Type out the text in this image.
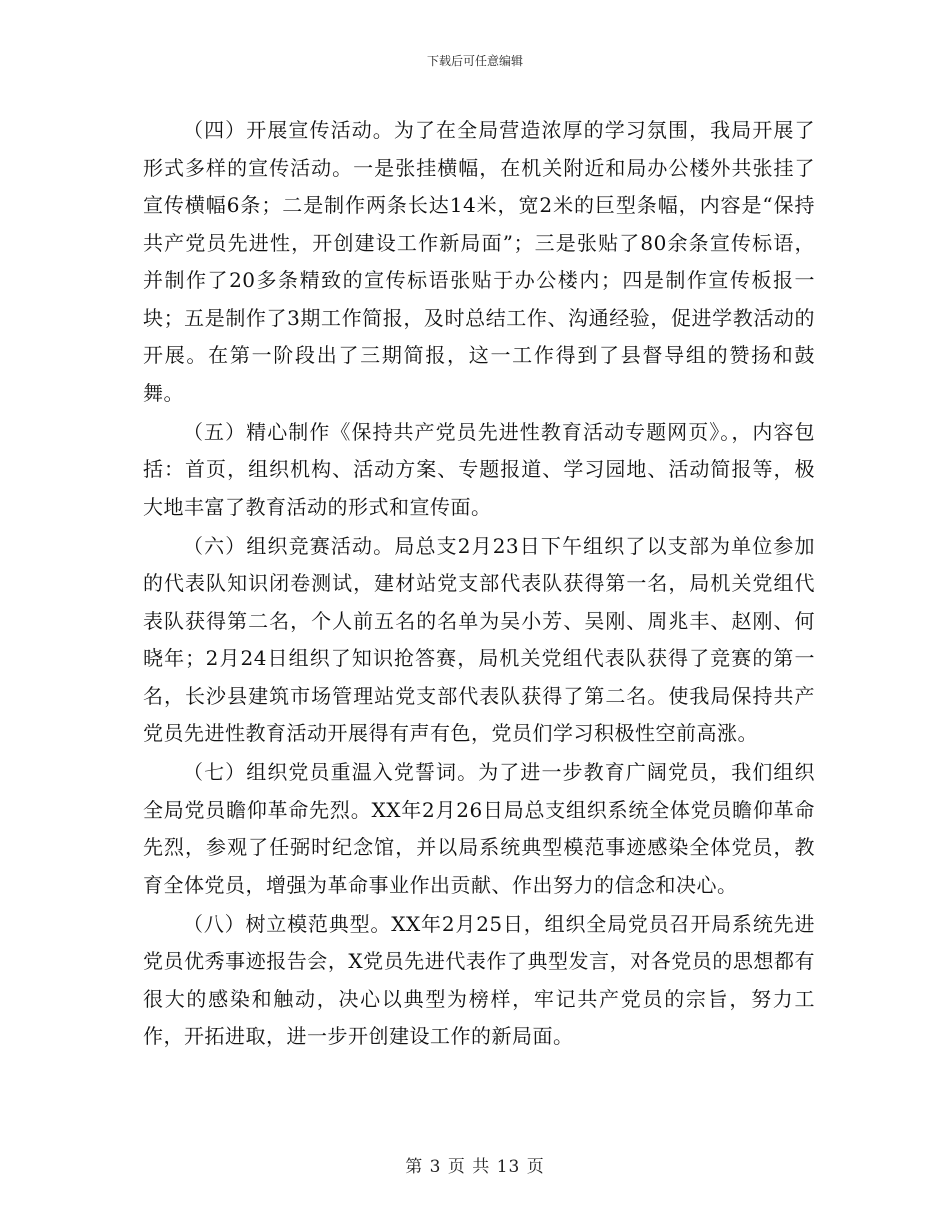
下载后可任意编辑

（四）开展宣传活动。为了在全局营造浓厚的学习氛围，我局开展了形式多样的宣传活动。一是张挂横幅，在机关附近和局办公楼外共张挂了宣传横幅6条；二是制作两条长达14米，宽2米的巨型条幅，内容是“保持共产党员先进性，开创建设工作新局面”；三是张贴了80余条宣传标语，并制作了20多条精致的宣传标语张贴于办公楼内；四是制作宣传板报一块；五是制作了3期工作简报，及时总结工作、沟通经验，促进学教活动的开展。在第一阶段出了三期简报，这一工作得到了县督导组的赞扬和鼓舞。

（五）精心制作《保持共产党员先进性教育活动专题网页》。，内容包括：首页，组织机构、活动方案、专题报道、学习园地、活动简报等，极大地丰富了教育活动的形式和宣传面。

（六）组织竞赛活动。局总支2月23日下午组织了以支部为单位参加的代表队知识闭卷测试，建材站党支部代表队获得第一名，局机关党组代表队获得第二名，个人前五名的名单为吴小芳、吴刚、周兆丰、赵刚、何晓年；2月24日组织了知识抢答赛，局机关党组代表队获得了竞赛的第一名，长沙县建筑市场管理站党支部代表队获得了第二名。使我局保持共产党员先进性教育活动开展得有声有色，党员们学习积极性空前高涨。

（七）组织党员重温入党誓词。为了进一步教育广阔党员，我们组织全局党员瞻仰革命先烈。XX年2月26日局总支组织系统全体党员瞻仰革命先烈，参观了任弼时纪念馆，并以局系统典型模范事迹感染全体党员，教育全体党员，增强为革命事业作出贡献、作出努力的信念和决心。

（八）树立模范典型。XX年2月25日，组织全局党员召开局系统先进党员优秀事迹报告会，X党员先进代表作了典型发言，对各党员的思想都有很大的感染和触动，决心以典型为榜样，牢记共产党员的宗旨，努力工作，开拓进取，进一步开创建设工作的新局面。

第 3 页 共 13 页
